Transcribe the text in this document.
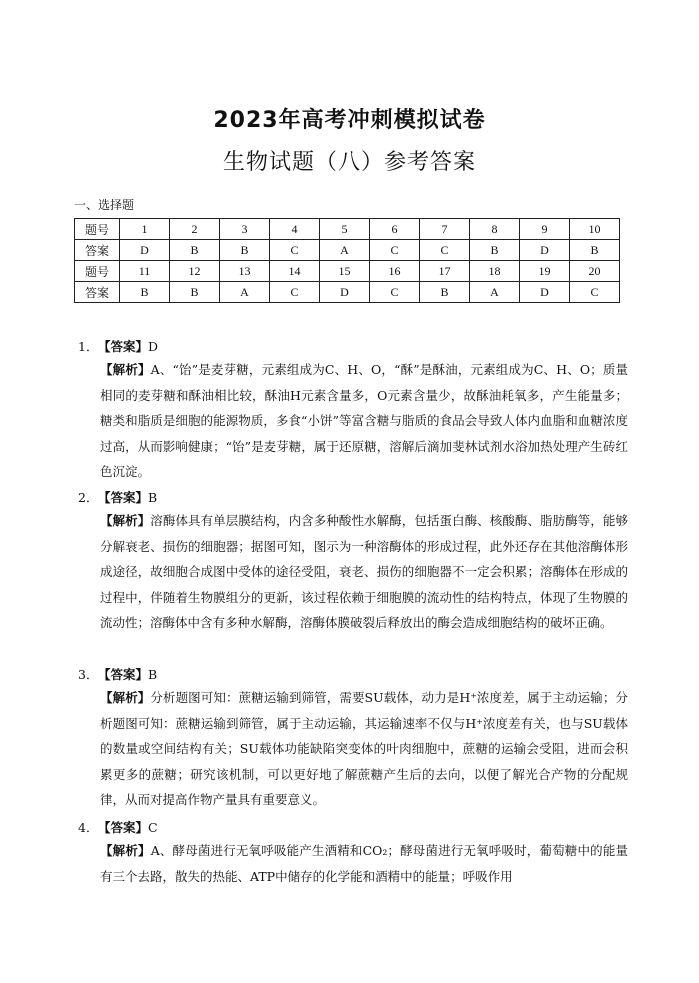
2023年高考冲刺模拟试卷
生物试题（八）参考答案
一、选择题
题号	1	2	3	4	5	6	7	8	9	10
答案	D	B	B	C	A	C	C	B	D	B
题号	11	12	13	14	15	16	17	18	19	20
答案	B	B	A	C	D	C	B	A	D	C
1．【答案】D
【解析】A、“饴”是麦芽糖，元素组成为C、H、O，“酥”是酥油，元素组成为C、H、O；质量相同的麦芽糖和酥油相比较，酥油H元素含量多，O元素含量少，故酥油耗氧多，产生能量多；糖类和脂质是细胞的能源物质，多食“小饼”等富含糖与脂质的食品会导致人体内血脂和血糖浓度过高，从而影响健康；“饴”是麦芽糖，属于还原糖，溶解后滴加斐林试剂水浴加热处理产生砖红色沉淀。
2．【答案】B
【解析】溶酶体具有单层膜结构，内含多种酸性水解酶，包括蛋白酶、核酸酶、脂肪酶等，能够分解衰老、损伤的细胞器；据图可知，图示为一种溶酶体的形成过程，此外还存在其他溶酶体形成途径，故细胞合成图中受体的途径受阻，衰老、损伤的细胞器不一定会积累；溶酶体在形成的过程中，伴随着生物膜组分的更新，该过程依赖于细胞膜的流动性的结构特点，体现了生物膜的流动性；溶酶体中含有多种水解酶，溶酶体膜破裂后释放出的酶会造成细胞结构的破坏正确。
3．【答案】B
【解析】分析题图可知：蔗糖运输到筛管，需要SU载体，动力是H⁺浓度差，属于主动运输；分析题图可知：蔗糖运输到筛管，属于主动运输，其运输速率不仅与H⁺浓度差有关，也与SU载体的数量或空间结构有关；SU载体功能缺陷突变体的叶肉细胞中，蔗糖的运输会受阻，进而会积累更多的蔗糖；研究该机制，可以更好地了解蔗糖产生后的去向，以便了解光合产物的分配规律，从而对提高作物产量具有重要意义。
4．【答案】C
【解析】A、酵母菌进行无氧呼吸能产生酒精和CO₂；酵母菌进行无氧呼吸时，葡萄糖中的能量有三个去路，散失的热能、ATP中储存的化学能和酒精中的能量；呼吸作用
